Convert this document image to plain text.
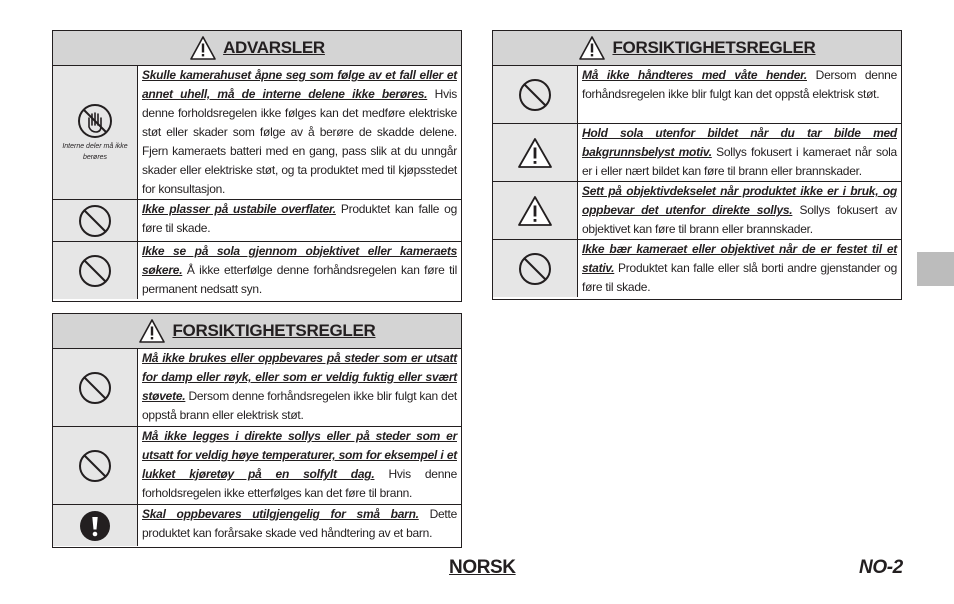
ADVARSLER
Interne deler må ikke berøres
Skulle kamerahuset åpne seg som følge av et fall eller et annet uhell, må de interne delene ikke berøres. Hvis denne forholdsregelen ikke følges kan det medføre elektriske støt eller skader som følge av å berøre de skadde delene. Fjern kameraets batteri med en gang, pass slik at du unngår skader eller elektriske støt, og ta produktet med til kjøpsstedet for konsultasjon.
Ikke plasser på ustabile overflater. Produktet kan falle og føre til skade.
Ikke se på sola gjennom objektivet eller kameraets søkere. Å ikke etterfølge denne forhåndsregelen kan føre til permanent nedsatt syn.
FORSIKTIGHETSREGLER
Må ikke brukes eller oppbevares på steder som er utsatt for damp eller røyk, eller som er veldig fuktig eller svært støvete. Dersom denne forhåndsregelen ikke blir fulgt kan det oppstå brann eller elektrisk støt.
Må ikke legges i direkte sollys eller på steder som er utsatt for veldig høye temperaturer, som for eksempel i et lukket kjøretøy på en solfylt dag. Hvis denne forholdsregelen ikke etterfølges kan det føre til brann.
Skal oppbevares utilgjengelig for små barn. Dette produktet kan forårsake skade ved håndtering av et barn.
FORSIKTIGHETSREGLER
Må ikke håndteres med våte hender. Dersom denne forhåndsregelen ikke blir fulgt kan det oppstå elektrisk støt.
Hold sola utenfor bildet når du tar bilde med bakgrunnsbelyst motiv. Sollys fokusert i kameraet når sola er i eller nært bildet kan føre til brann eller brannskader.
Sett på objektivdekselet når produktet ikke er i bruk, og oppbevar det utenfor direkte sollys. Sollys fokusert av objektivet kan føre til brann eller brannskader.
Ikke bær kameraet eller objektivet når de er festet til et stativ. Produktet kan falle eller slå borti andre gjenstander og føre til skade.
NORSK	NO-2
